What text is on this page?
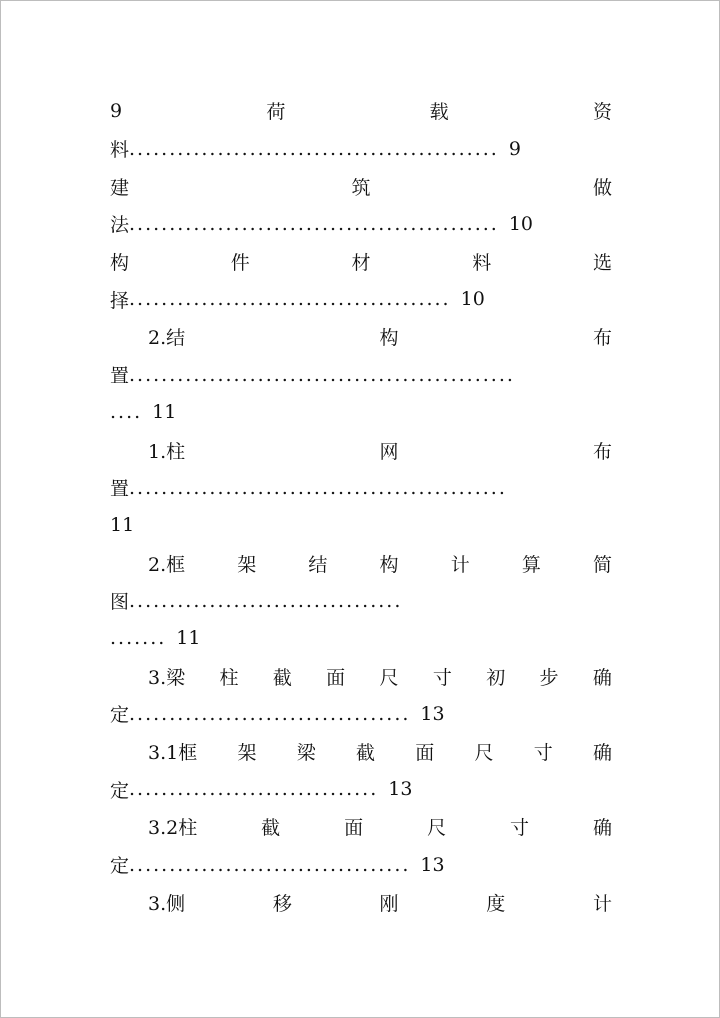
9	荷	载	资
料 .............................................. 9
建	筑	做
法 .............................................. 10
构	件	材	料	选
择 ........................................ 10
2.结	构	布
置 ................................................
.... 11
1.柱	网	布
置 ...............................................
11
2.框	架	结	构	计	算	简
图 ..................................
....... 11
3.梁 柱 截 面 尺 寸 初 步 确
定 ................................... 13
3.1框 架 梁 截 面 尺 寸 确
定 ............................... 13
3.2柱	截	面	尺	寸	确
定 ................................... 13
3.侧	移	刚	度	计
